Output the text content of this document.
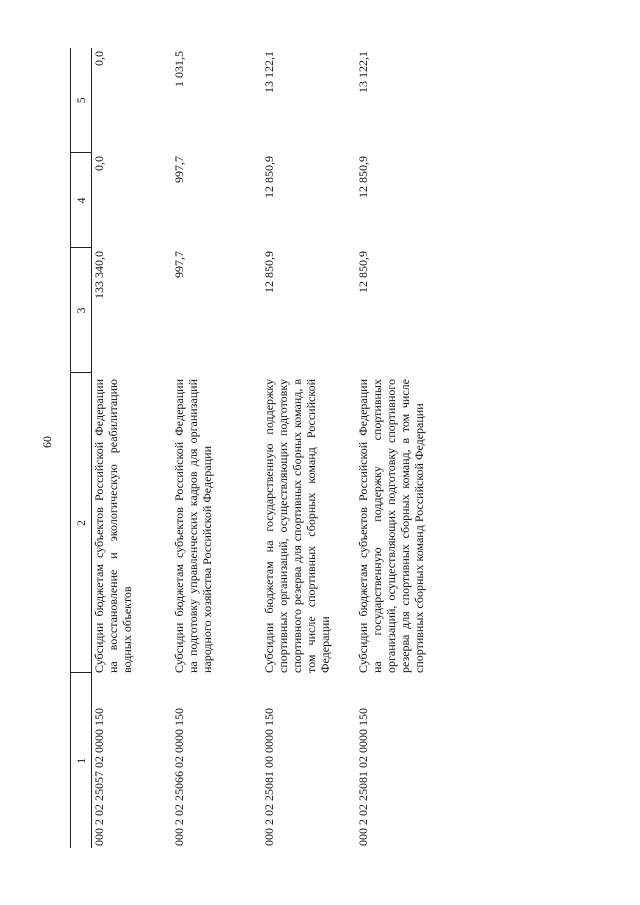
60
1	2	3	4	5
000 2 02 25057 02 0000 150	Субсидии бюджетам субъектов Российской Федерации на восстановление и экологическую реабилитацию водных объектов	133 340,0	0,0	0,0
000 2 02 25066 02 0000 150	Субсидии бюджетам субъектов Российской Федерации на подготовку управленческих кадров для организаций народного хозяйства Российской Федерации	997,7	997,7	1 031,5
000 2 02 25081 00 0000 150	Субсидии бюджетам на государственную поддержку спортивных организаций, осуществляющих подготовку спортивного резерва для спортивных сборных команд, в том числе спортивных сборных команд Российской Федерации	12 850,9	12 850,9	13 122,1
000 2 02 25081 02 0000 150	Субсидии бюджетам субъектов Российской Федерации на государственную поддержку спортивных организаций, осуществляющих подготовку спортивного резерва для спортивных сборных команд, в том числе спортивных сборных команд Российской Федерации	12 850,9	12 850,9	13 122,1
